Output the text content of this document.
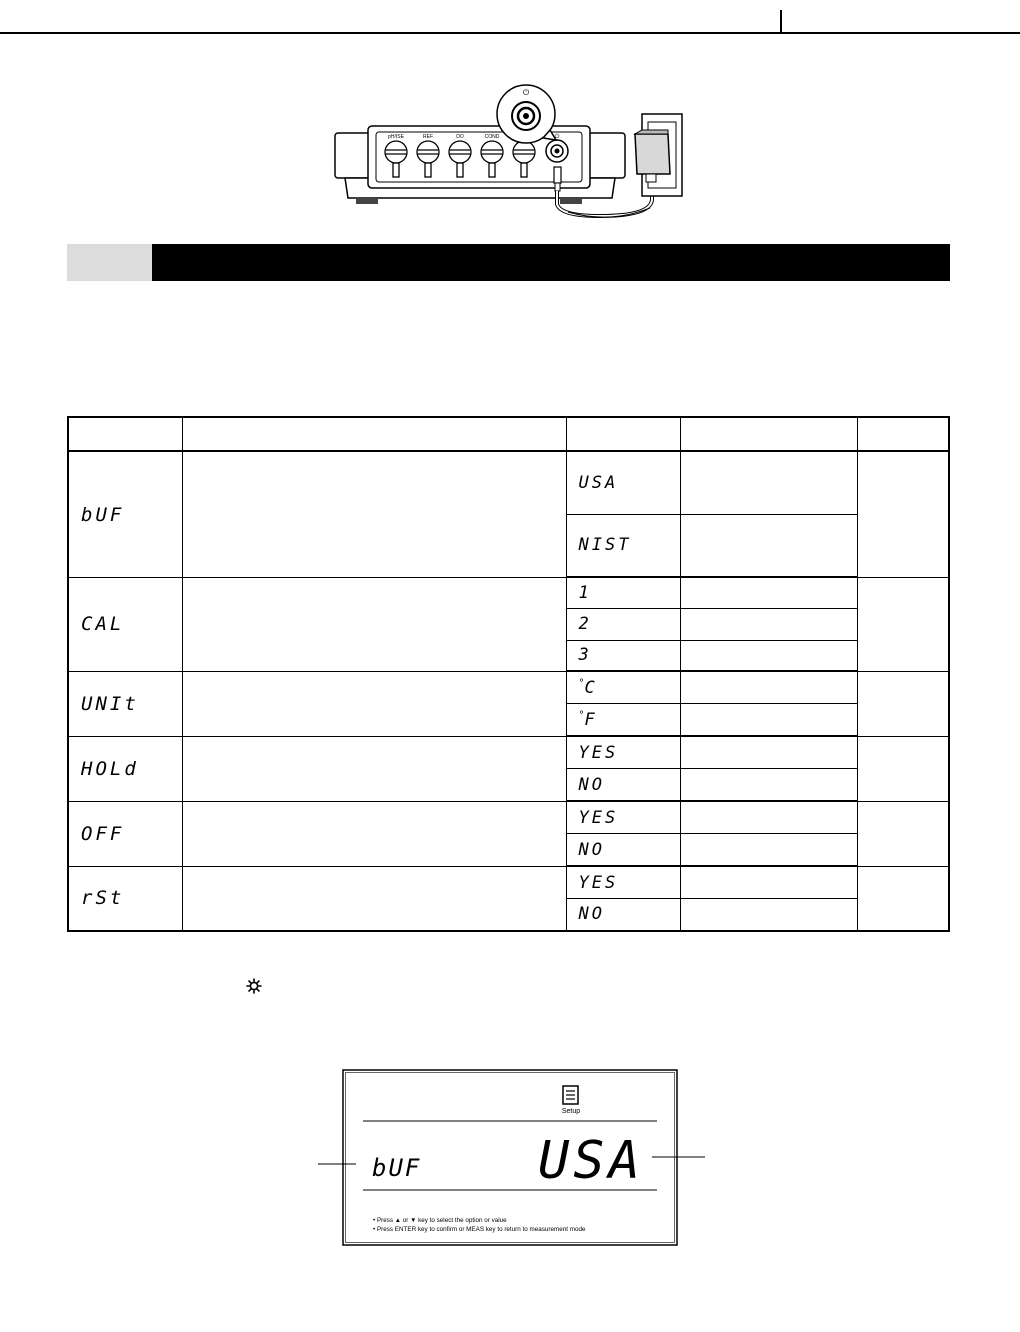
pH/ISE	REF	DO	COND	⏻
⏻

bUF		USA		
		NIST		
CAL		1		
		2		
		3		
UNIt		°C		
		°F		
HOLd		YES		
		NO		
OFF		YES		
		NO		
rSt		YES		
		NO		
Setup
bUF USA
• Press ▲ or ▼ key to select the option or value
• Press ENTER key to confirm or MEAS key to return to measurement mode
